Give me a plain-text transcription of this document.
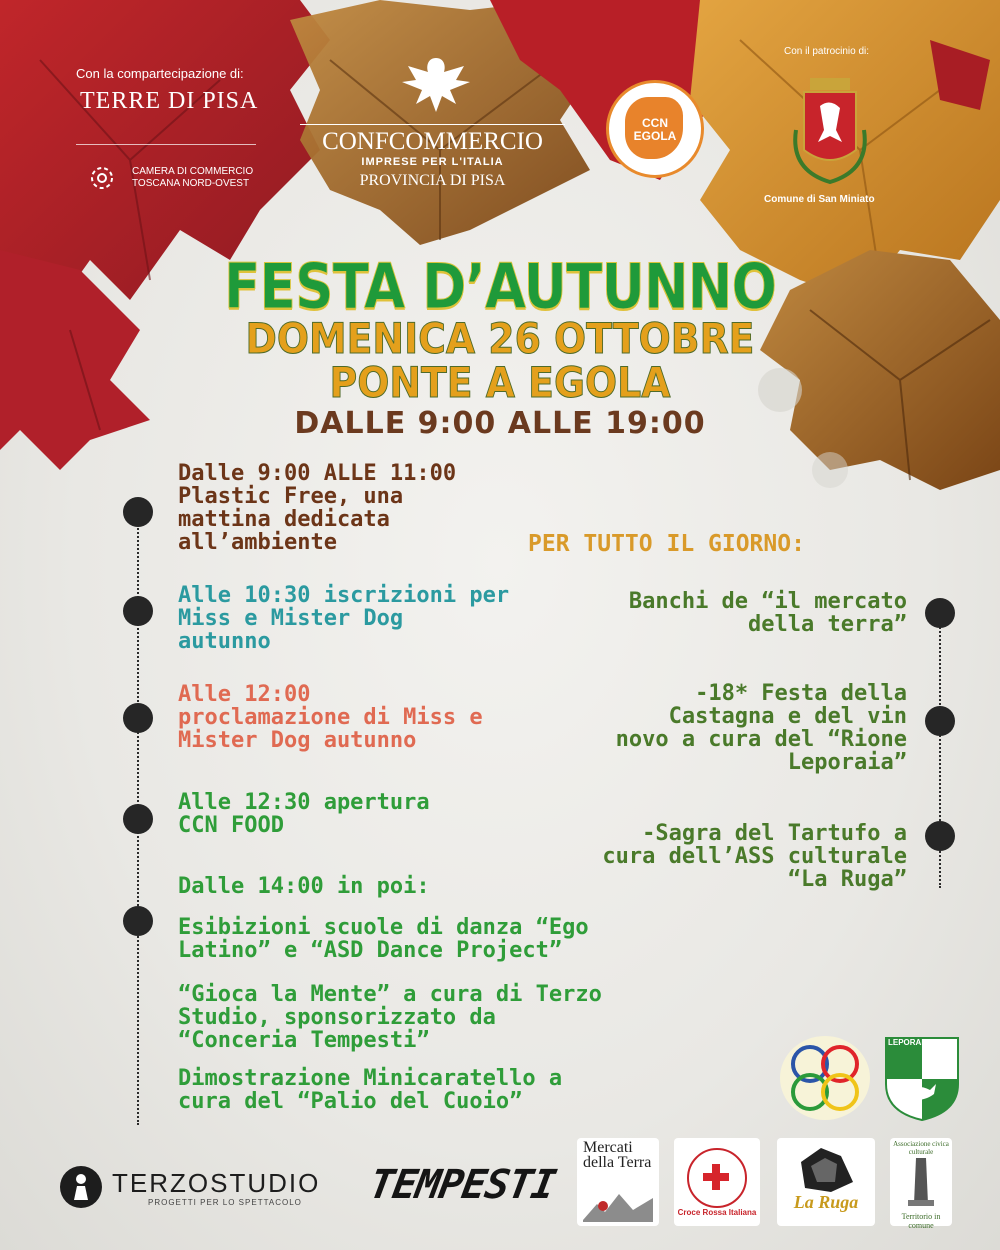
Con la compartecipazione di:
TERRE DI PISA
CAMERA DI COMMERCIO
TOSCANA NORD-OVEST
CONFCOMMERCIO
IMPRESE PER L'ITALIA
PROVINCIA DI PISA
CCN
EGOLA
Con il patrocinio di:
Comune di San Miniato
FESTA D’AUTUNNO
DOMENICA 26 OTTOBRE
PONTE A EGOLA
DALLE 9:00 ALLE 19:00
Dalle 9:00 ALLE 11:00
Plastic Free, una
mattina dedicata
all’ambiente
Alle 10:30 iscrizioni per
Miss e Mister Dog
autunno
Alle 12:00
proclamazione di Miss e
Mister Dog autunno
Alle 12:30 apertura
CCN FOOD
Dalle 14:00 in poi:
Esibizioni scuole di danza “Ego
Latino” e “ASD Dance Project”
“Gioca la Mente” a cura di Terzo
Studio, sponsorizzato da
“Conceria Tempesti”
Dimostrazione Minicaratello a
cura del “Palio del Cuoio”
PER TUTTO IL GIORNO:
Banchi de “il mercato
della terra”
-18* Festa della
Castagna e del vin
novo a cura del “Rione
Leporaia”
-Sagra del Tartufo a
cura dell’ASS culturale
“La Ruga”
LEPORAIA
TERZOSTUDIO
PROGETTI PER LO SPETTACOLO TEMPESTI
Mercati
della Terra
Croce Rossa Italiana
La Ruga
Associazione civica culturale
Territorio in comune
